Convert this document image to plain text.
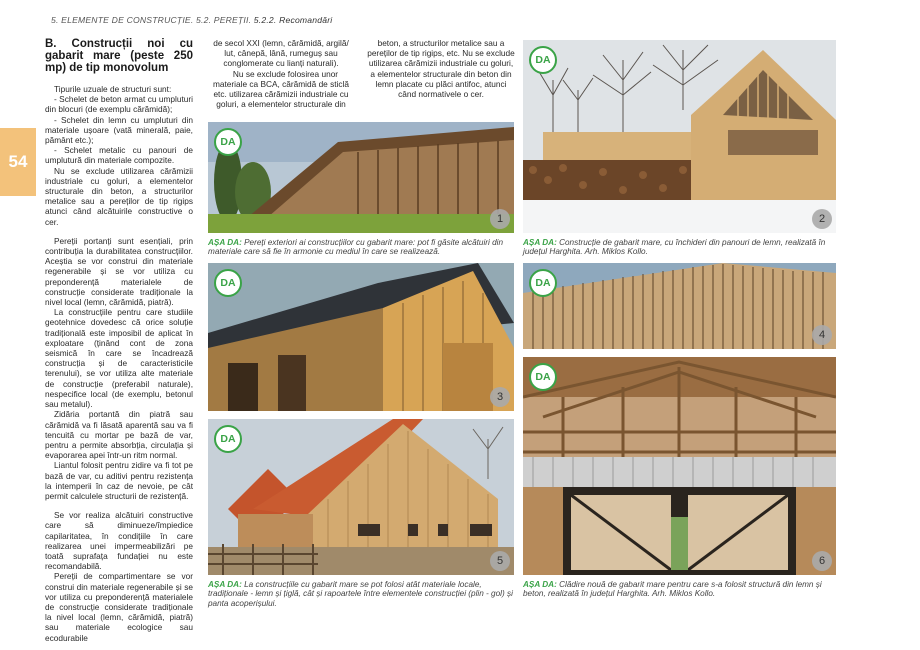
5. ELEMENTE DE CONSTRUCȚIE. 5.2. PEREȚII. 5.2.2. Recomandări
54

B. Construcții noi cu gabarit mare (peste 250 mp) de tip monovolum

Tipurile uzuale de structuri sunt:

- Schelet de beton armat cu umpluturi din blocuri (de exemplu cărămidă);

- Schelet din lemn cu umpluturi din materiale ușoare (vată minerală, paie, pământ etc.);

- Schelet metalic cu panouri de umplutură din materiale compozite.

Nu se exclude utilizarea cărămizii industriale cu goluri, a elementelor structurale din beton, a structurilor metalice sau a pereților de tip rigips atunci când alcătuirile constructive o cer.

Pereții portanți sunt esențiali, prin contribuția la durabilitatea construcțiilor. Aceștia se vor construi din materiale regenerabile și se vor utiliza cu preponderență materialele de construcție considerate tradiționale la nivel local (lemn, cărămidă, piatră).

La construcțiile pentru care studiile geotehnice dovedesc că orice soluție tradițională este imposibil de aplicat în exploatare (ținând cont de zona seismică în care se încadrează construcția și de caracteristicile terenului), se vor utiliza alte materiale de construcție (preferabil naturale), nespecifice local (de exemplu, betonul sau metalul).

Zidăria portantă din piatră sau cărămidă va fi lăsată aparentă sau va fi tencuită cu mortar pe bază de var, pentru a permite absorbția, circulația și evaporarea apei într-un ritm normal.

Liantul folosit pentru zidire va fi tot pe bază de var, cu aditivi pentru rezistența la intemperii în caz de nevoie, pe cât permit calculele structurii de rezistență.

Se vor realiza alcătuiri constructive care să diminueze/împiedice capilaritatea, în condițiile în care realizarea unei impermeabilizări pe toată suprafața fundației nu este recomandabilă.

Pereții de compartimentare se vor construi din materiale regenerabile și se vor utiliza cu preponderență materialele de construcție considerate tradiționale la nivel local (lemn, cărămidă, piatră) sau materiale ecologice sau ecodurabile

de secol XXI (lemn, cărămidă, argilă/ lut, cânepă, lână, rumeguș sau conglomerate cu lianți naturali).

Nu se exclude folosirea unor materiale ca BCA, cărămidă de sticlă etc. utilizarea cărămizii industriale cu goluri, a elementelor structurale din

beton, a structurilor metalice sau a pereților de tip rigips, etc. Nu se exclude utilizarea cărămizii industriale cu goluri, a elementelor structurale din beton din lemn placate cu plăci antifoc, atunci când normativele o cer.

DA
1
DA
2
AȘA DA: Pereți exteriori ai construcțiilor cu gabarit mare: pot fi găsite alcătuiri din materiale care să fie în armonie cu mediul în care se realizează.
AȘA DA: Construcție de gabarit mare, cu închideri din panouri de lemn, realizată în județul Harghita. Arh. Miklos Kollo.
DA
3
DA
4
DA
6
DA
5
AȘA DA: La construcțiile cu gabarit mare se pot folosi atât materiale locale, tradiționale - lemn și țiglă, cât și rapoartele între elementele construcției (plin - gol) și panta acoperișului.
AȘA DA: Clădire nouă de gabarit mare pentru care s-a folosit structură din lemn și beton, realizată în județul Harghita. Arh. Miklos Kollo.
